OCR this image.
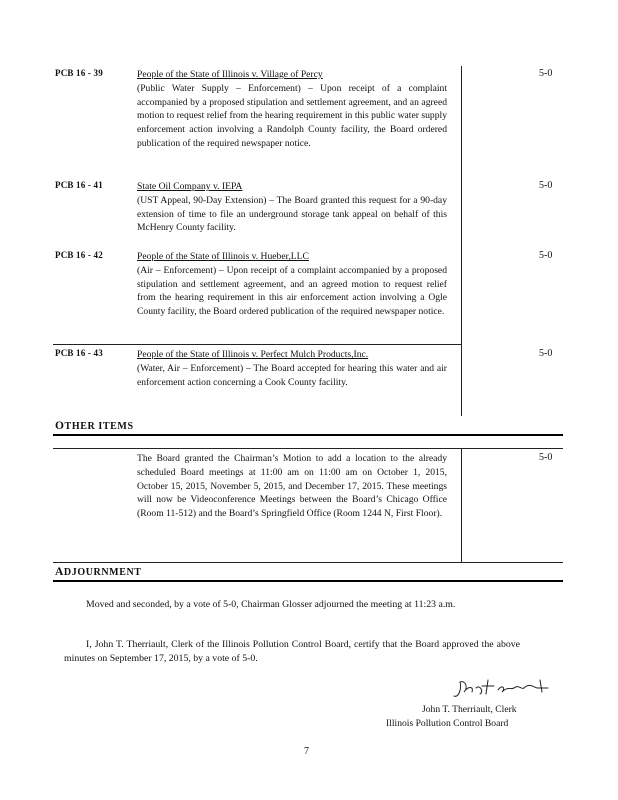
PCB 16 - 39	People of the State of Illinois v. Village of Percy
(Public Water Supply – Enforcement) – Upon receipt of a complaint accompanied by a proposed stipulation and settlement agreement, and an agreed motion to request relief from the hearing requirement in this public water supply enforcement action involving a Randolph County facility, the Board ordered publication of the required newspaper notice.
5-0
PCB 16 - 41	State Oil Company v. IEPA
(UST Appeal, 90-Day Extension) – The Board granted this request for a 90-day extension of time to file an underground storage tank appeal on behalf of this McHenry County facility.
5-0
PCB 16 - 42	People of the State of Illinois v. Hueber,LLC
(Air – Enforcement) – Upon receipt of a complaint accompanied by a proposed stipulation and settlement agreement, and an agreed motion to request relief from the hearing requirement in this air enforcement action involving a Ogle County facility, the Board ordered publication of the required newspaper notice.
5-0
PCB 16 - 43	People of the State of Illinois v. Perfect Mulch Products,Inc.
(Water, Air – Enforcement) – The Board accepted for hearing this water and air enforcement action concerning a Cook County facility.
5-0
OTHER ITEMS
The Board granted the Chairman’s Motion to add a location to the already scheduled Board meetings at 11:00 am on 11:00 am on October 1, 2015, October 15, 2015, November 5, 2015, and December 17, 2015. These meetings will now be Videoconference Meetings between the Board’s Chicago Office (Room 11-512) and the Board’s Springfield Office (Room 1244 N, First Floor).
5-0
ADJOURNMENT
Moved and seconded, by a vote of 5-0, Chairman Glosser adjourned the meeting at 11:23 a.m.
I, John T. Therriault, Clerk of the Illinois Pollution Control Board, certify that the Board approved the above minutes on September 17, 2015, by a vote of 5-0.
John T. Therriault, Clerk
Illinois Pollution Control Board
7
